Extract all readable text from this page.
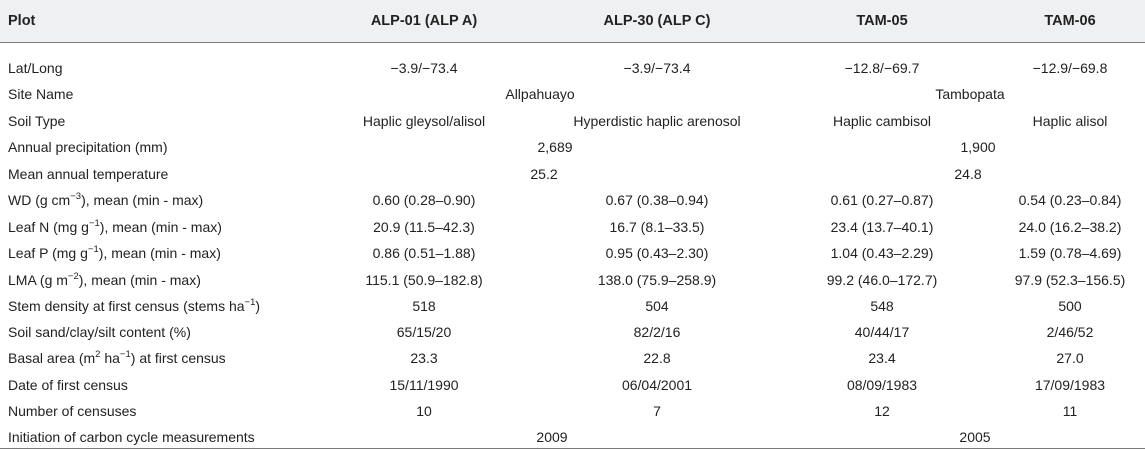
Plot	ALP-01 (ALP A)	ALP-30 (ALP C)	TAM-05	TAM-06
Lat/Long	−3.9/−73.4	−3.9/−73.4	−12.8/−69.7	−12.9/−69.8
Site Name	Allpahuayo	Tambopata
Soil Type	Haplic gleysol/alisol	Hyperdistic haplic arenosol	Haplic cambisol	Haplic alisol
Annual precipitation (mm)	2,689	1,900
Mean annual temperature	25.2	24.8
WD (g $cm^{-3}$), mean (min - max)	0.60 (0.28–0.90)	0.67 (0.38–0.94)	0.61 (0.27–0.87)	0.54 (0.23–0.84)
Leaf N (mg $g^{-1}$), mean (min - max)	20.9 (11.5–42.3)	16.7 (8.1–33.5)	23.4 (13.7–40.1)	24.0 (16.2–38.2)
Leaf P (mg $g^{-1}$), mean (min - max)	0.86 (0.51–1.88)	0.95 (0.43–2.30)	1.04 (0.43–2.29)	1.59 (0.78–4.69)
LMA (g $m^{-2}$), mean (min - max)	115.1 (50.9–182.8)	138.0 (75.9–258.9)	99.2 (46.0–172.7)	97.9 (52.3–156.5)
Stem density at first census (stems $ha^{-1}$)	518	504	548	500
Soil sand/clay/silt content (%)	65/15/20	82/2/16	40/44/17	2/46/52
Basal area ($m^2$ $ha^{-1}$) at first census	23.3	22.8	23.4	27.0
Date of first census	15/11/1990	06/04/2001	08/09/1983	17/09/1983
Number of censuses	10	7	12	11
Initiation of carbon cycle measurements	2009	2005
